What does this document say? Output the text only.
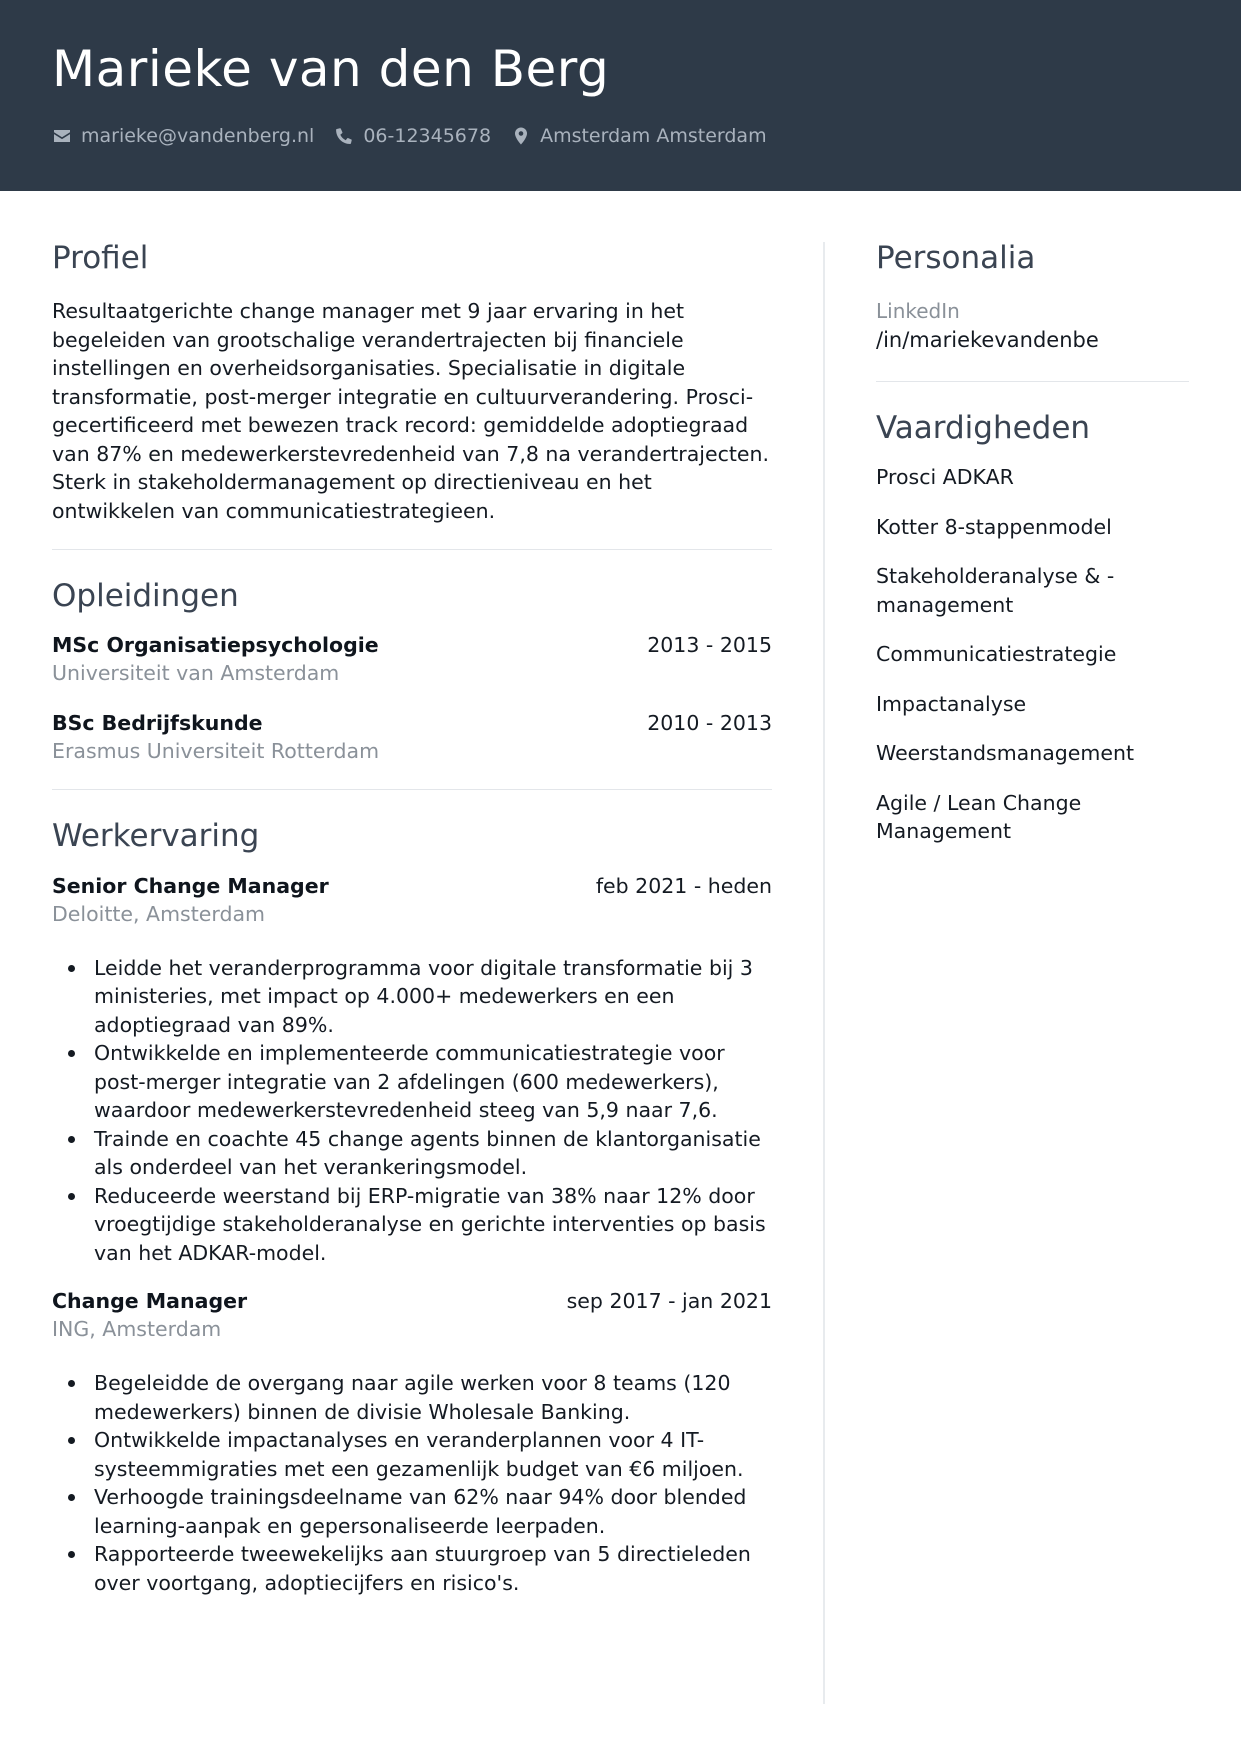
Marieke van den Berg
marieke@vandenberg.nl	06-12345678	Amsterdam Amsterdam
Profiel

Resultaatgerichte change manager met 9 jaar ervaring in het begeleiden van grootschalige verandertrajecten bij financiele instellingen en overheidsorganisaties. Specialisatie in digitale transformatie, post-merger integratie en cultuurverandering. Prosci-gecertificeerd met bewezen track record: gemiddelde adoptiegraad van 87% en medewerkerstevredenheid van 7,8 na verandertrajecten. Sterk in stakeholdermanagement op directieniveau en het ontwikkelen van communicatiestrategieen.

Opleidingen
MSc Organisatiepsychologie	2013 - 2015
Universiteit van Amsterdam
BSc Bedrijfskunde	2010 - 2013
Erasmus Universiteit Rotterdam
Werkervaring
Senior Change Manager	feb 2021 - heden
Deloitte, Amsterdam
Leidde het veranderprogramma voor digitale transformatie bij 3 ministeries, met impact op 4.000+ medewerkers en een adoptiegraad van 89%.
Ontwikkelde en implementeerde communicatiestrategie voor post-merger integratie van 2 afdelingen (600 medewerkers), waardoor medewerkerstevredenheid steeg van 5,9 naar 7,6.
Trainde en coachte 45 change agents binnen de klantorganisatie als onderdeel van het verankeringsmodel.
Reduceerde weerstand bij ERP-migratie van 38% naar 12% door vroegtijdige stakeholderanalyse en gerichte interventies op basis van het ADKAR-model.
Change Manager	sep 2017 - jan 2021
ING, Amsterdam
Begeleidde de overgang naar agile werken voor 8 teams (120 medewerkers) binnen de divisie Wholesale Banking.
Ontwikkelde impactanalyses en veranderplannen voor 4 IT-systeemmigraties met een gezamenlijk budget van €6 miljoen.
Verhoogde trainingsdeelname van 62% naar 94% door blended learning-aanpak en gepersonaliseerde leerpaden.
Rapporteerde tweewekelijks aan stuurgroep van 5 directieleden over voortgang, adoptiecijfers en risico's.
Personalia
LinkedIn
/in/mariekevandenbe
Vaardigheden
Prosci ADKAR
Kotter 8-stappenmodel
Stakeholderanalyse & -management
Communicatiestrategie
Impactanalyse
Weerstandsmanagement
Agile / Lean Change Management
